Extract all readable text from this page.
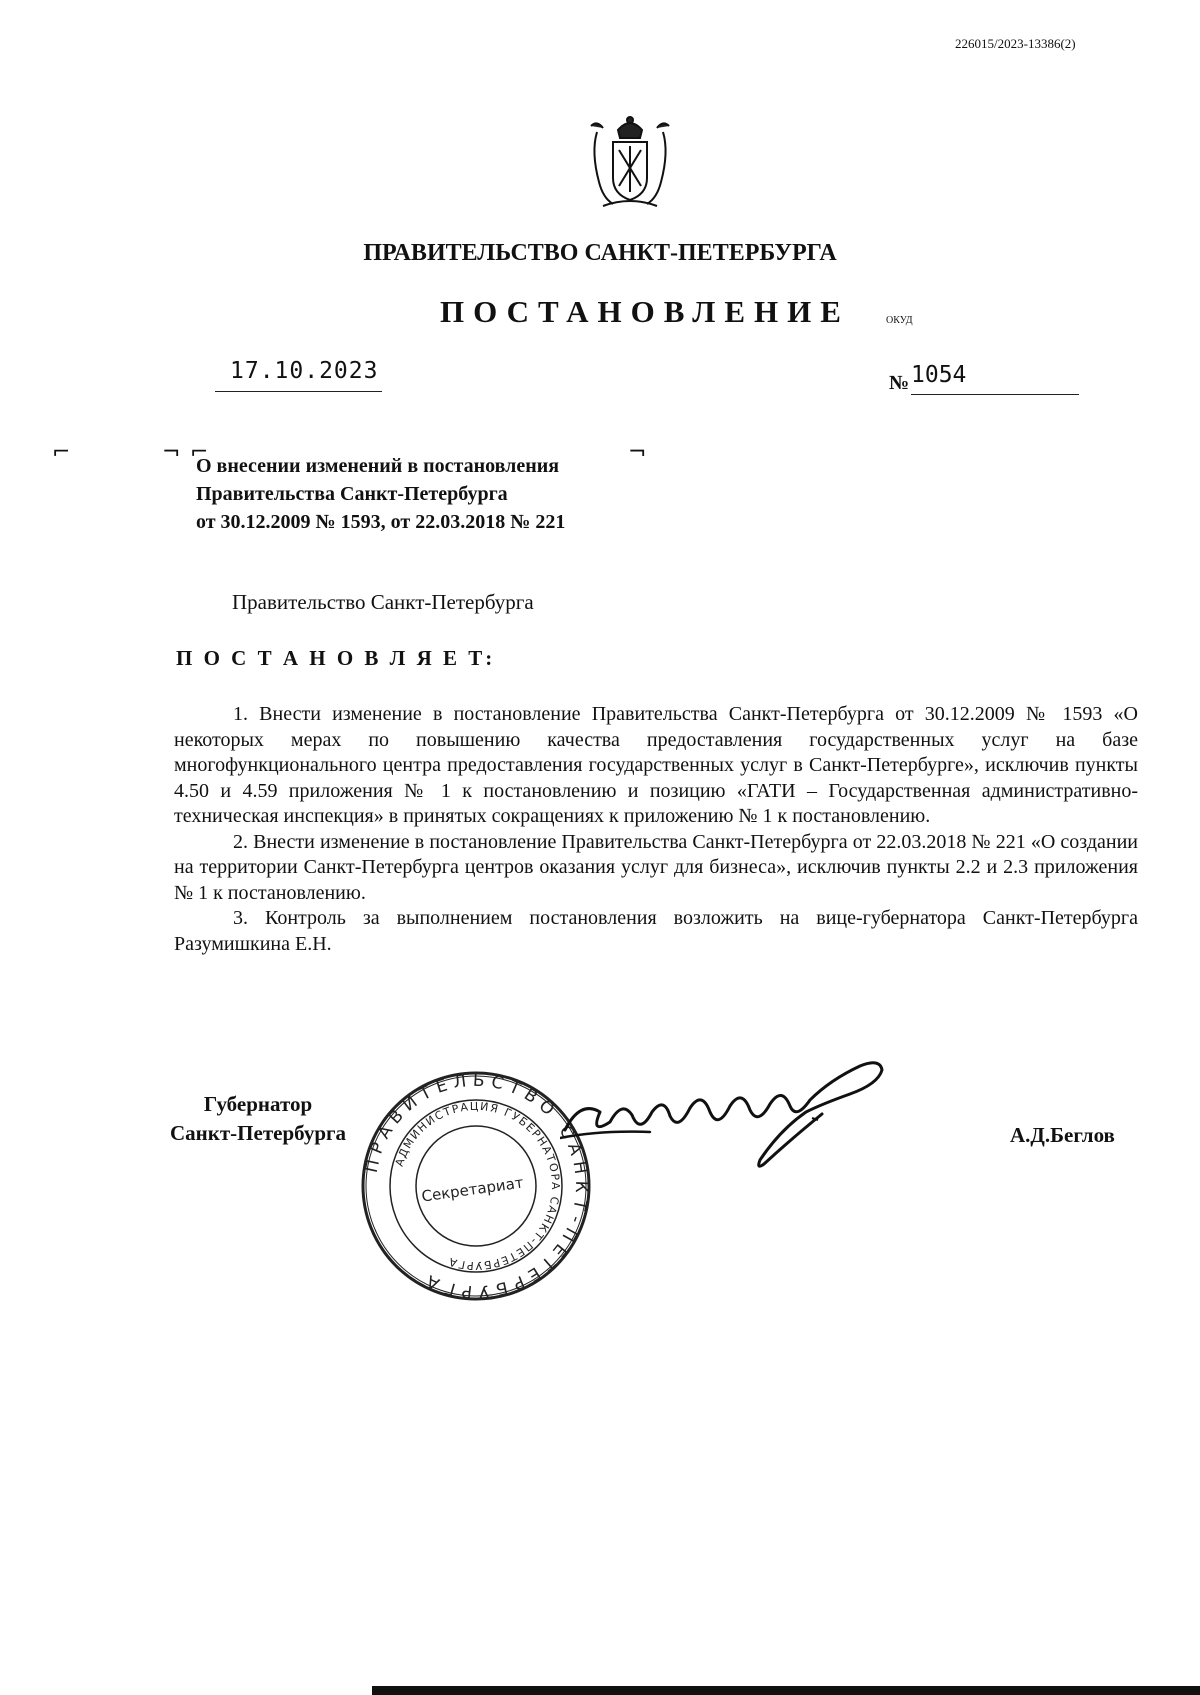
226015/2023-13386(2)
ПРАВИТЕЛЬСТВО САНКТ-ПЕТЕРБУРГА
ПОСТАНОВЛЕНИЕ	ОКУД
17.10.2023	№ 1054
⌐	¬ ⌐	¬
О внесении изменений в постановления
Правительства Санкт-Петербурга
от 30.12.2009 № 1593, от 22.03.2018 № 221
Правительство Санкт-Петербурга
П О С Т А Н О В Л Я Е Т:

1. Внести изменение в постановление Правительства Санкт-Петербурга от 30.12.2009 № 1593 «О некоторых мерах по повышению качества предоставления государственных услуг на базе многофункционального центра предоставления государственных услуг в Санкт-Петербурге», исключив пункты 4.50 и 4.59 приложения № 1 к постановлению и позицию «ГАТИ – Государственная административно-техническая инспекция» в принятых сокращениях к приложению № 1 к постановлению.

2. Внести изменение в постановление Правительства Санкт-Петербурга от 22.03.2018 № 221 «О создании на территории Санкт-Петербурга центров оказания услуг для бизнеса», исключив пункты 2.2 и 2.3 приложения № 1 к постановлению.

3. Контроль за выполнением постановления возложить на вице-губернатора Санкт-Петербурга Разумишкина Е.Н.

Губернатор
Санкт-Петербурга	А.Д.Беглов
ПРАВИТЕЛЬСТВО САНКТ-ПЕТЕРБУРГА
АДМИНИСТРАЦИЯ ГУБЕРНАТОРА САНКТ-ПЕТЕРБУРГА
Секретариат
